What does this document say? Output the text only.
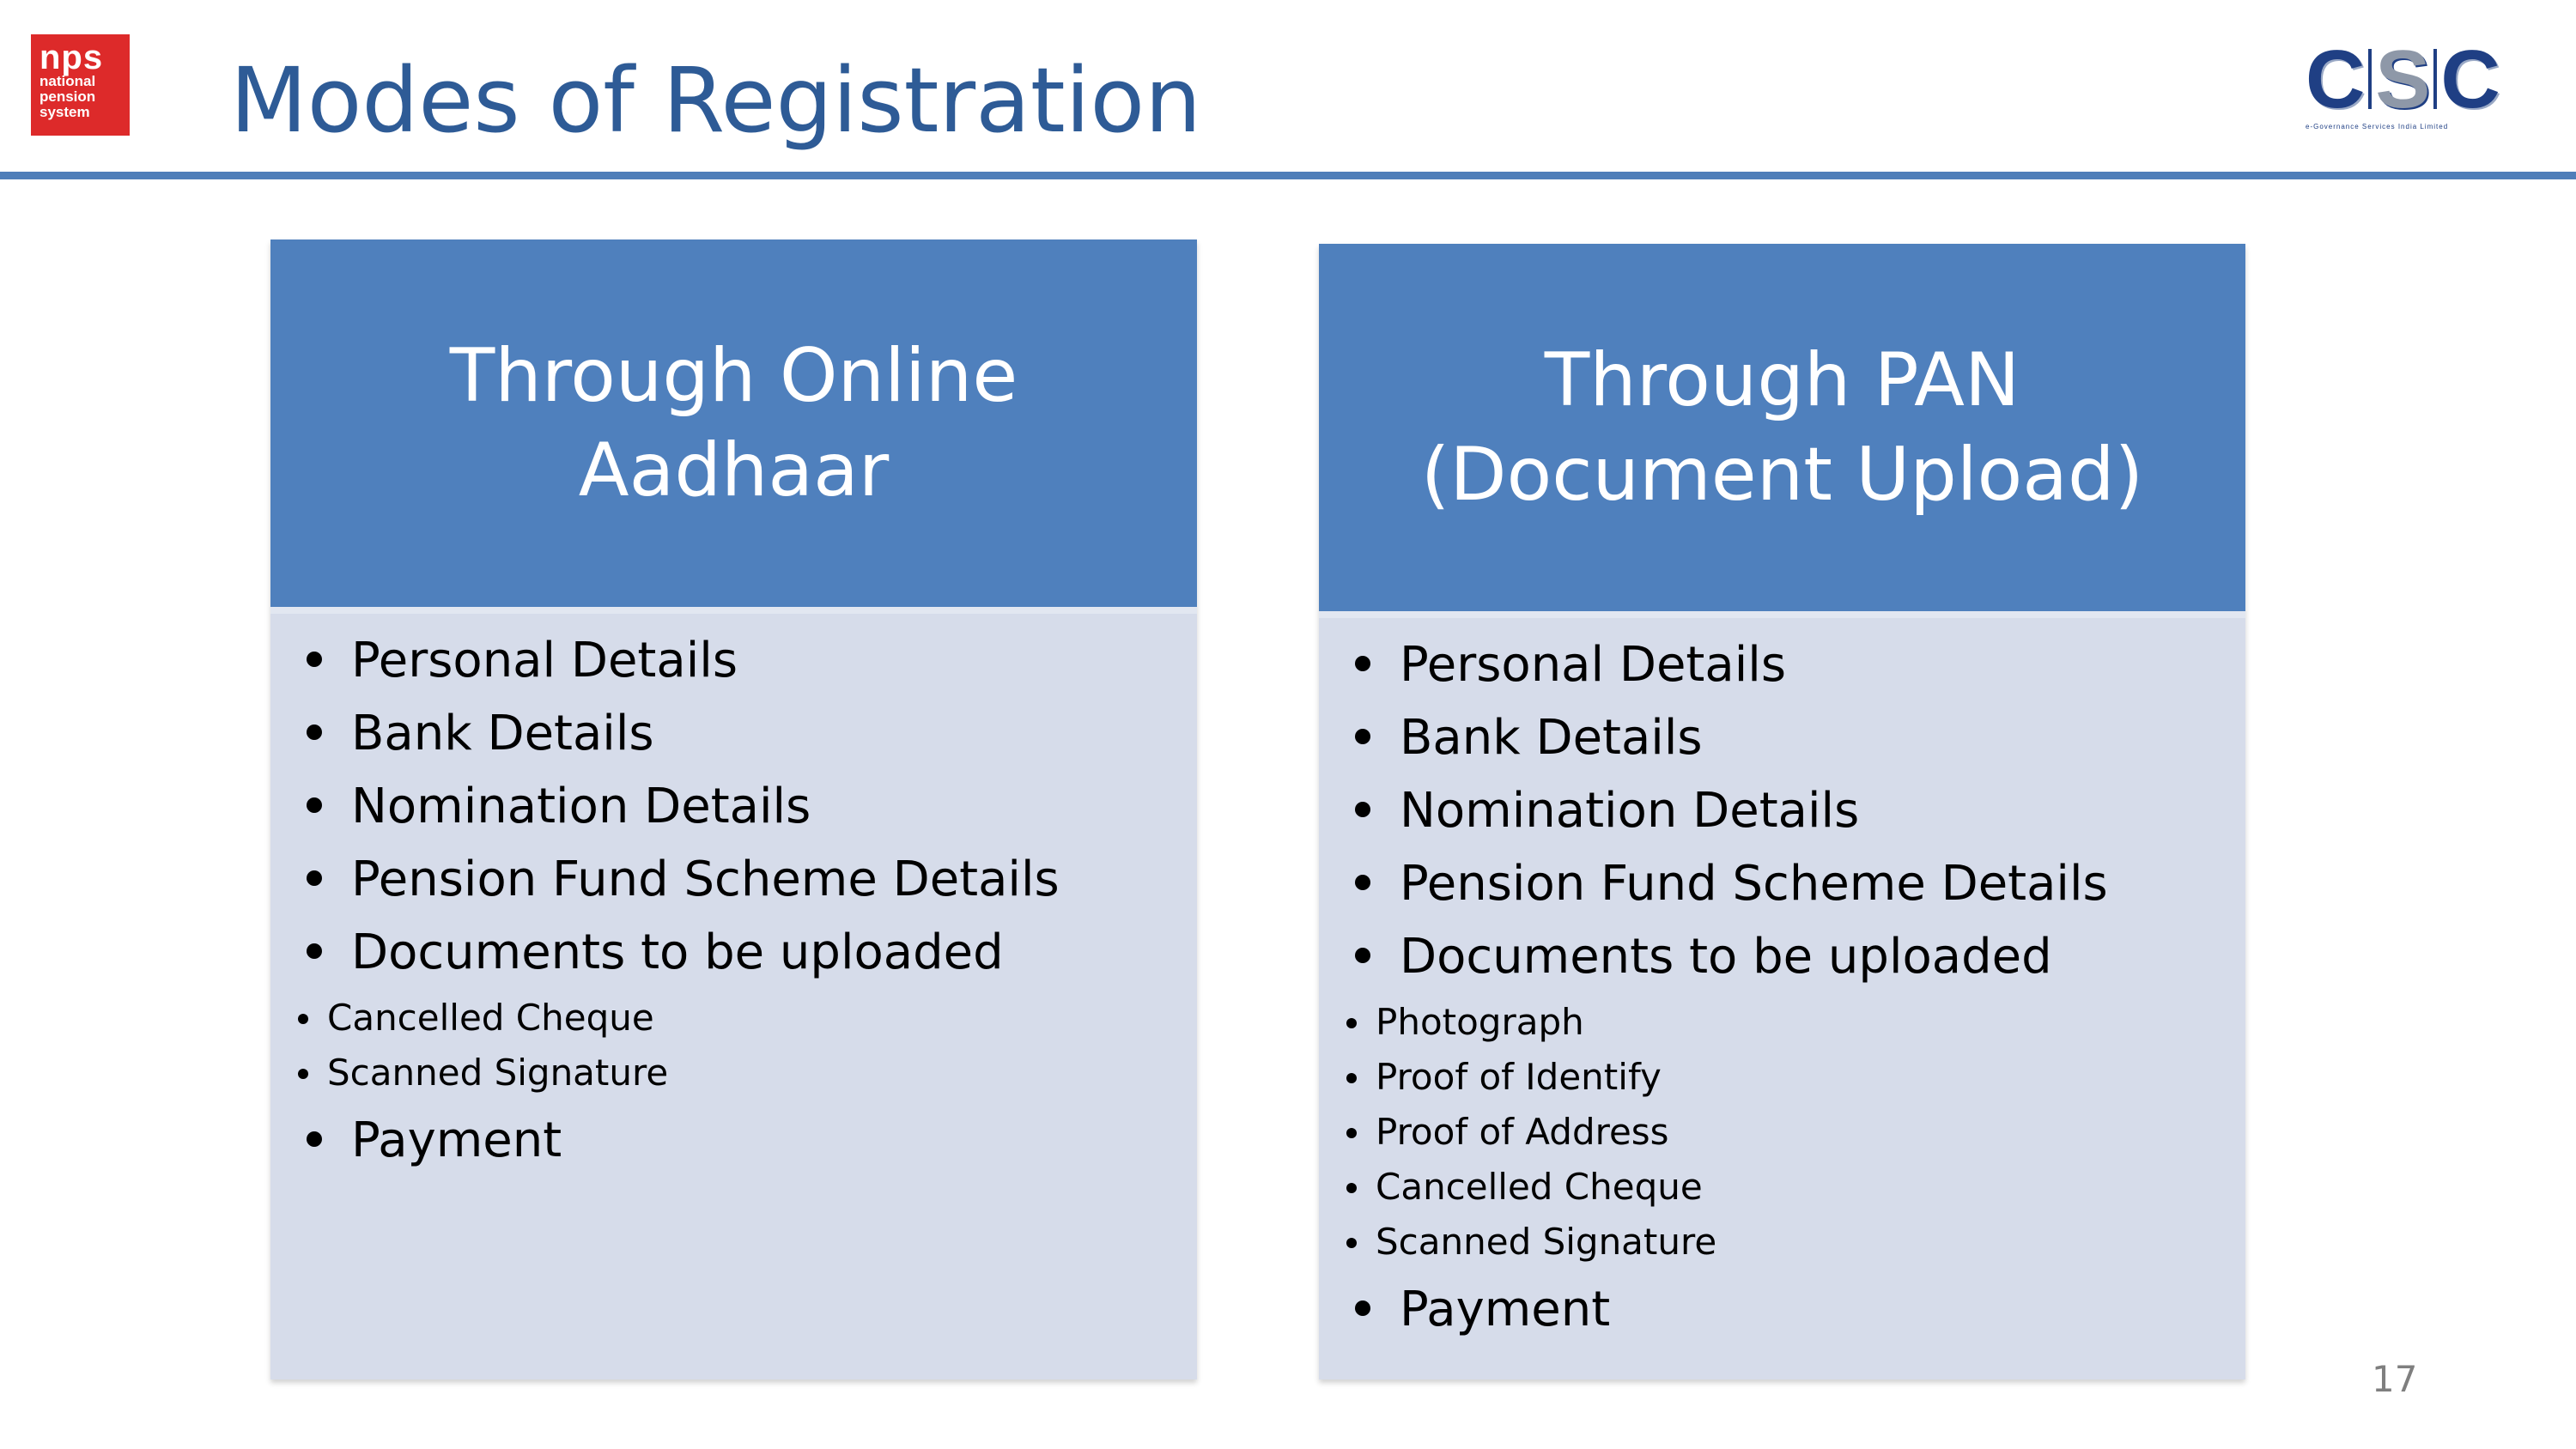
nps
national
pension
system	Modes of Registration	C S C
e-Governance Services India Limited
Through Online
Aadhaar
Personal Details
Bank Details
Nomination Details
Pension Fund Scheme Details
Documents to be uploaded
Cancelled Cheque
Scanned Signature
Payment
Through PAN
(Document Upload)
Personal Details
Bank Details
Nomination Details
Pension Fund Scheme Details
Documents to be uploaded
Photograph
Proof of Identify
Proof of Address
Cancelled Cheque
Scanned Signature
Payment
17
